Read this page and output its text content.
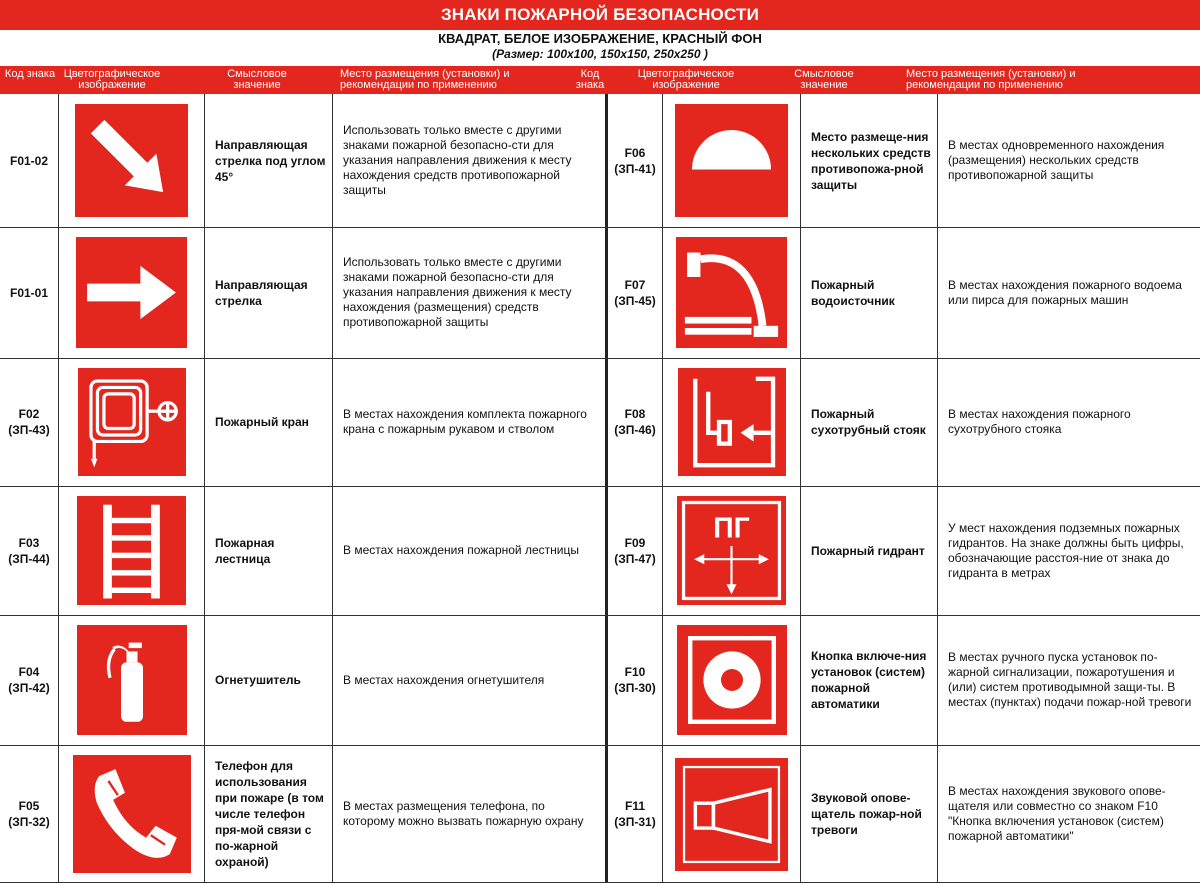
ЗНАКИ ПОЖАРНОЙ БЕЗОПАСНОСТИ
КВАДРАТ, БЕЛОЕ ИЗОБРАЖЕНИЕ, КРАСНЫЙ ФОН
(Размер: 100x100, 150x150, 250x250 )
Код знака Цветографическое изображение
Смысловое значение
Место размещения (установки) и рекомендации по применению
Код знака
Цветографическое изображение
Смысловое значение
Место размещения (установки) и рекомендации по применению
F01-02
Направляющая стрелка под углом 45°
Использовать только вместе с другими знаками пожарной безопасно-сти для указания направления движения к месту нахождения средств противопожарной защиты
F01-01
Направляющая стрелка
Использовать только вместе с другими знаками пожарной безопасно-сти для указания направления движения к месту нахождения (размещения) средств противопожарной защиты
F02 (ЗП-43)
Пожарный кран
В местах нахождения комплекта пожарного крана с пожарным рукавом и стволом
F03 (ЗП-44)
Пожарная лестница
В местах нахождения пожарной лестницы
F04 (ЗП-42)
Огнетушитель	В местах нахождения огнетушителя
F05 (ЗП-32)
Телефон для использования при пожаре (в том числе телефон пря-мой связи с по-жарной охраной)
В местах размещения телефона, по которому можно вызвать пожарную охрану
F06 (ЗП-41)
Место размеще-ния нескольких средств противопожа-рной защиты
В местах одновременного нахождения (размещения) нескольких средств противопожарной защиты
F07 (ЗП-45)
Пожарный водоисточник
В местах нахождения пожарного водоема или пирса для пожарных машин
F08 (ЗП-46)
Пожарный сухотрубный стояк
В местах нахождения пожарного сухотрубного стояка
F09 (ЗП-47)
Пожарный гидрант
У мест нахождения подземных пожарных гидрантов. На знаке должны быть цифры, обозначающие расстоя-ние от знака до гидранта в метрах
ПГ
F10 (ЗП-30)
Кнопка включе-ния установок (систем) пожарной автоматики
В местах ручного пуска установок по-жарной сигнализации, пожаротушения и (или) систем противодымной защи-ты. В местах (пунктах) подачи пожар-ной тревоги
F11 (ЗП-31)
Звуковой опове-щатель пожар-ной тревоги
В местах нахождения звукового опове-щателя или совместно со знаком F10 "Кнопка включения установок (систем) пожарной автоматики"
